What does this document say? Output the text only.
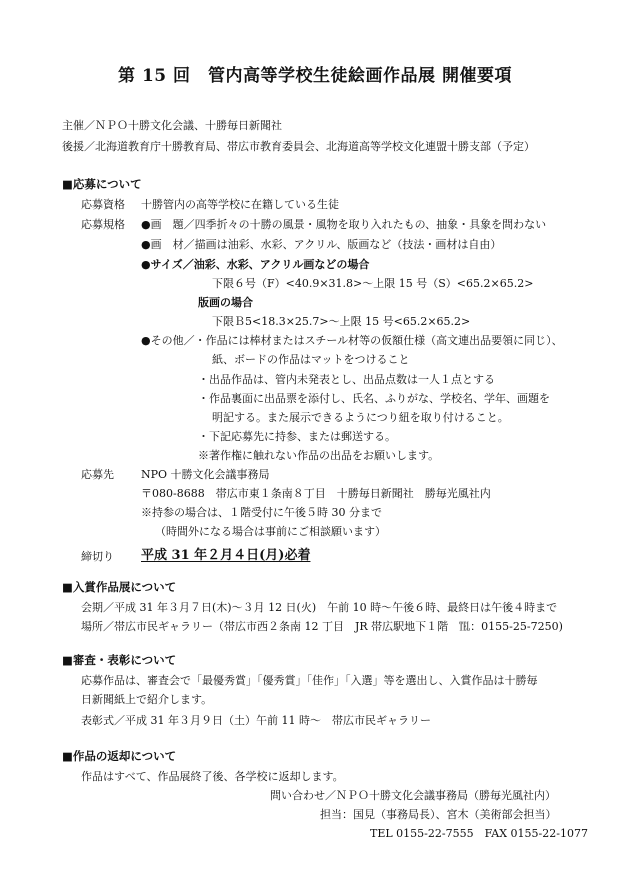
第 15 回　管内高等学校生徒絵画作品展 開催要項
主催／ＮＰＯ十勝文化会議、十勝毎日新聞社
後援／北海道教育庁十勝教育局、帯広市教育委員会、北海道高等学校文化連盟十勝支部（予定）
■応募について
応募資格 十勝管内の高等学校に在籍している生徒
応募規格 ●画　題／四季折々の十勝の風景・風物を取り入れたもの、抽象・具象を問わない
●画　材／描画は油彩、水彩、アクリル、版画など（技法・画材は自由）
●サイズ／油彩、水彩、アクリル画などの場合
下限６号（F）<40.9×31.8>～上限 15 号（S）<65.2×65.2>
版画の場合
下限Ｂ5<18.3×25.7>～上限 15 号<65.2×65.2>
●その他／・作品には棒材またはスチール材等の仮額仕様（高文連出品要領に同じ）、
紙、ボードの作品はマットをつけること
・出品作品は、管内未発表とし、出品点数は一人１点とする
・作品裏面に出品票を添付し、氏名、ふりがな、学校名、学年、画題を
明記する。また展示できるようにつり紐を取り付けること。
・下記応募先に持参、または郵送する。
※著作権に触れない作品の出品をお願いします。
応募先 NPO 十勝文化会議事務局
〒080-8688　帯広市東１条南８丁目　十勝毎日新聞社　勝毎光風社内
※持参の場合は、１階受付に午後５時 30 分まで
（時間外になる場合は事前にご相談願います）
締切り 平成 31 年２月４日(月)必着
■入賞作品展について
会期／平成 31 年３月７日(木)～３月 12 日(火)　午前 10 時～午後６時、最終日は午後４時まで
場所／帯広市民ギャラリー（帯広市西２条南 12 丁目　JR 帯広駅地下１階　℡：0155-25-7250)
■審査・表彰について
応募作品は、審査会で「最優秀賞」「優秀賞」「佳作」「入選」等を選出し、入賞作品は十勝毎
日新聞紙上で紹介します。
表彰式／平成 31 年３月９日（土）午前 11 時～　帯広市民ギャラリー
■作品の返却について
作品はすべて、作品展終了後、各学校に返却します。
問い合わせ／ＮＰＯ十勝文化会議事務局（勝毎光風社内）
担当：国見（事務局長）、宮木（美術部会担当）
TEL 0155-22-7555　FAX 0155-22-1077
